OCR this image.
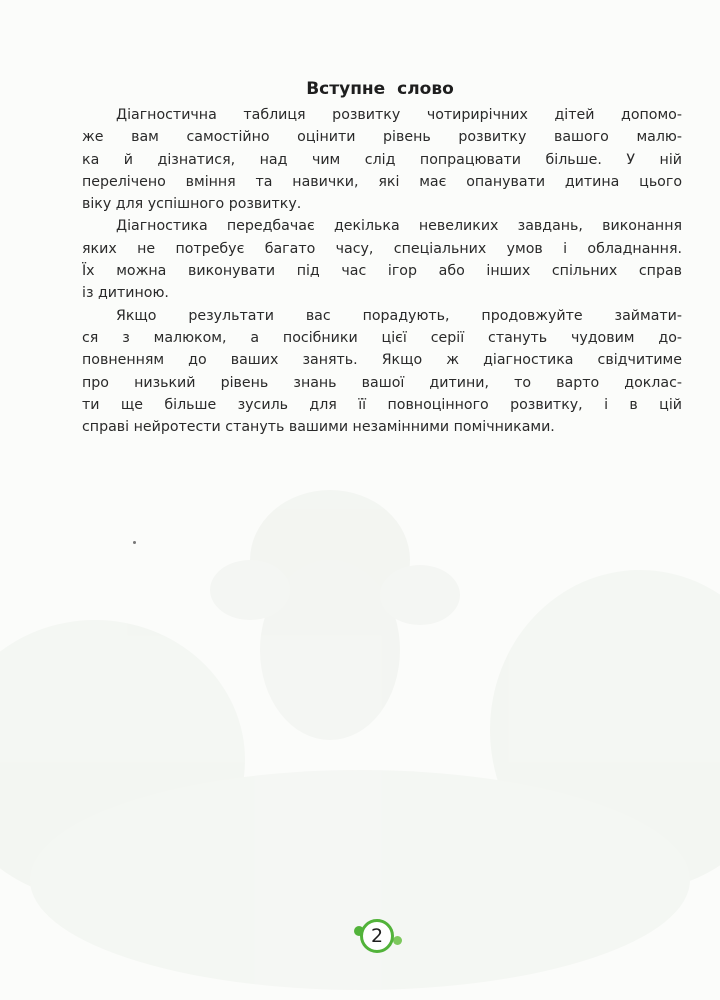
Вступне слово
Діагностична таблиця розвитку чотирирічних дітей допомо-
же вам самостійно оцінити рівень розвитку вашого малю-
ка й дізнатися, над чим слід попрацювати більше. У ній
перелічено вміння та навички, які має опанувати дитина цього
віку для успішного розвитку.
Діагностика передбачає декілька невеликих завдань, виконання
яких не потребує багато часу, спеціальних умов і обладнання.
Їх можна виконувати під час ігор або інших спільних справ
із дитиною.
Якщо результати вас порадують, продовжуйте займати-
ся з малюком, а посібники цієї серії стануть чудовим до-
повненням до ваших занять. Якщо ж діагностика свідчитиме
про низький рівень знань вашої дитини, то варто доклас-
ти ще більше зусиль для її повноцінного розвитку, і в цій
справі нейротести стануть вашими незамінними помічниками.
2
